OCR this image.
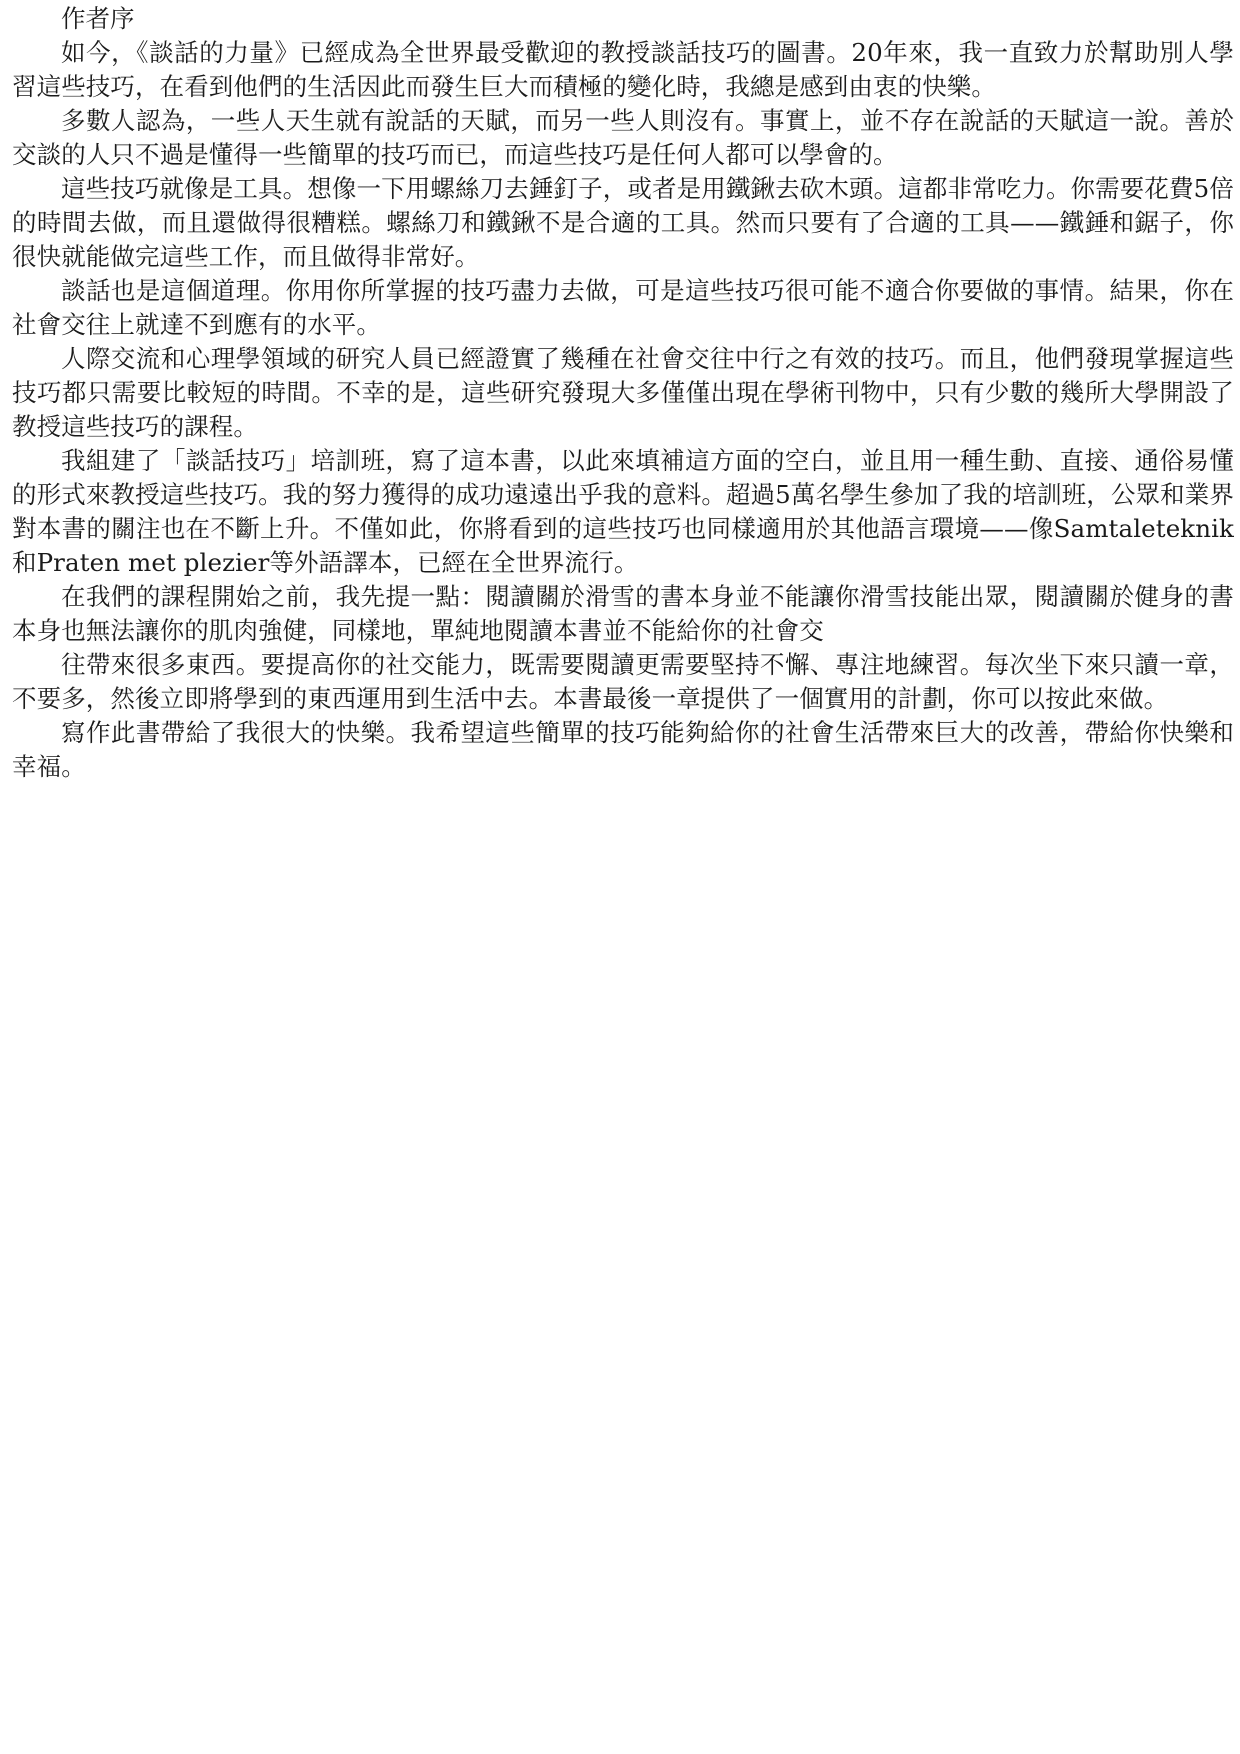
作者序

如今，《談話的力量》已經成為全世界最受歡迎的教授談話技巧的圖書。20年來，我一直致力於幫助別人學習這些技巧，在看到他們的生活因此而發生巨大而積極的變化時，我總是感到由衷的快樂。

多數人認為，一些人天生就有說話的天賦，而另一些人則沒有。事實上，並不存在說話的天賦這一說。善於交談的人只不過是懂得一些簡單的技巧而已，而這些技巧是任何人都可以學會的。

這些技巧就像是工具。想像一下用螺絲刀去錘釘子，或者是用鐵鍬去砍木頭。這都非常吃力。你需要花費5倍的時間去做，而且還做得很糟糕。螺絲刀和鐵鍬不是合適的工具。然而只要有了合適的工具——鐵錘和鋸子，你很快就能做完這些工作，而且做得非常好。

談話也是這個道理。你用你所掌握的技巧盡力去做，可是這些技巧很可能不適合你要做的事情。結果，你在社會交往上就達不到應有的水平。

人際交流和心理學領域的研究人員已經證實了幾種在社會交往中行之有效的技巧。而且，他們發現掌握這些技巧都只需要比較短的時間。不幸的是，這些研究發現大多僅僅出現在學術刊物中，只有少數的幾所大學開設了教授這些技巧的課程。

我組建了「談話技巧」培訓班，寫了這本書，以此來填補這方面的空白，並且用一種生動、直接、通俗易懂的形式來教授這些技巧。我的努力獲得的成功遠遠出乎我的意料。超過5萬名學生參加了我的培訓班，公眾和業界對本書的關注也在不斷上升。不僅如此，你將看到的這些技巧也同樣適用於其他語言環境——像Samtaleteknik和Praten met plezier等外語譯本，已經在全世界流行。

在我們的課程開始之前，我先提一點：閱讀關於滑雪的書本身並不能讓你滑雪技能出眾，閱讀關於健身的書本身也無法讓你的肌肉強健，同樣地，單純地閱讀本書並不能給你的社會交

往帶來很多東西。要提高你的社交能力，既需要閱讀更需要堅持不懈、專注地練習。每次坐下來只讀一章，不要多，然後立即將學到的東西運用到生活中去。本書最後一章提供了一個實用的計劃，你可以按此來做。

寫作此書帶給了我很大的快樂。我希望這些簡單的技巧能夠給你的社會生活帶來巨大的改善，帶給你快樂和幸福。
